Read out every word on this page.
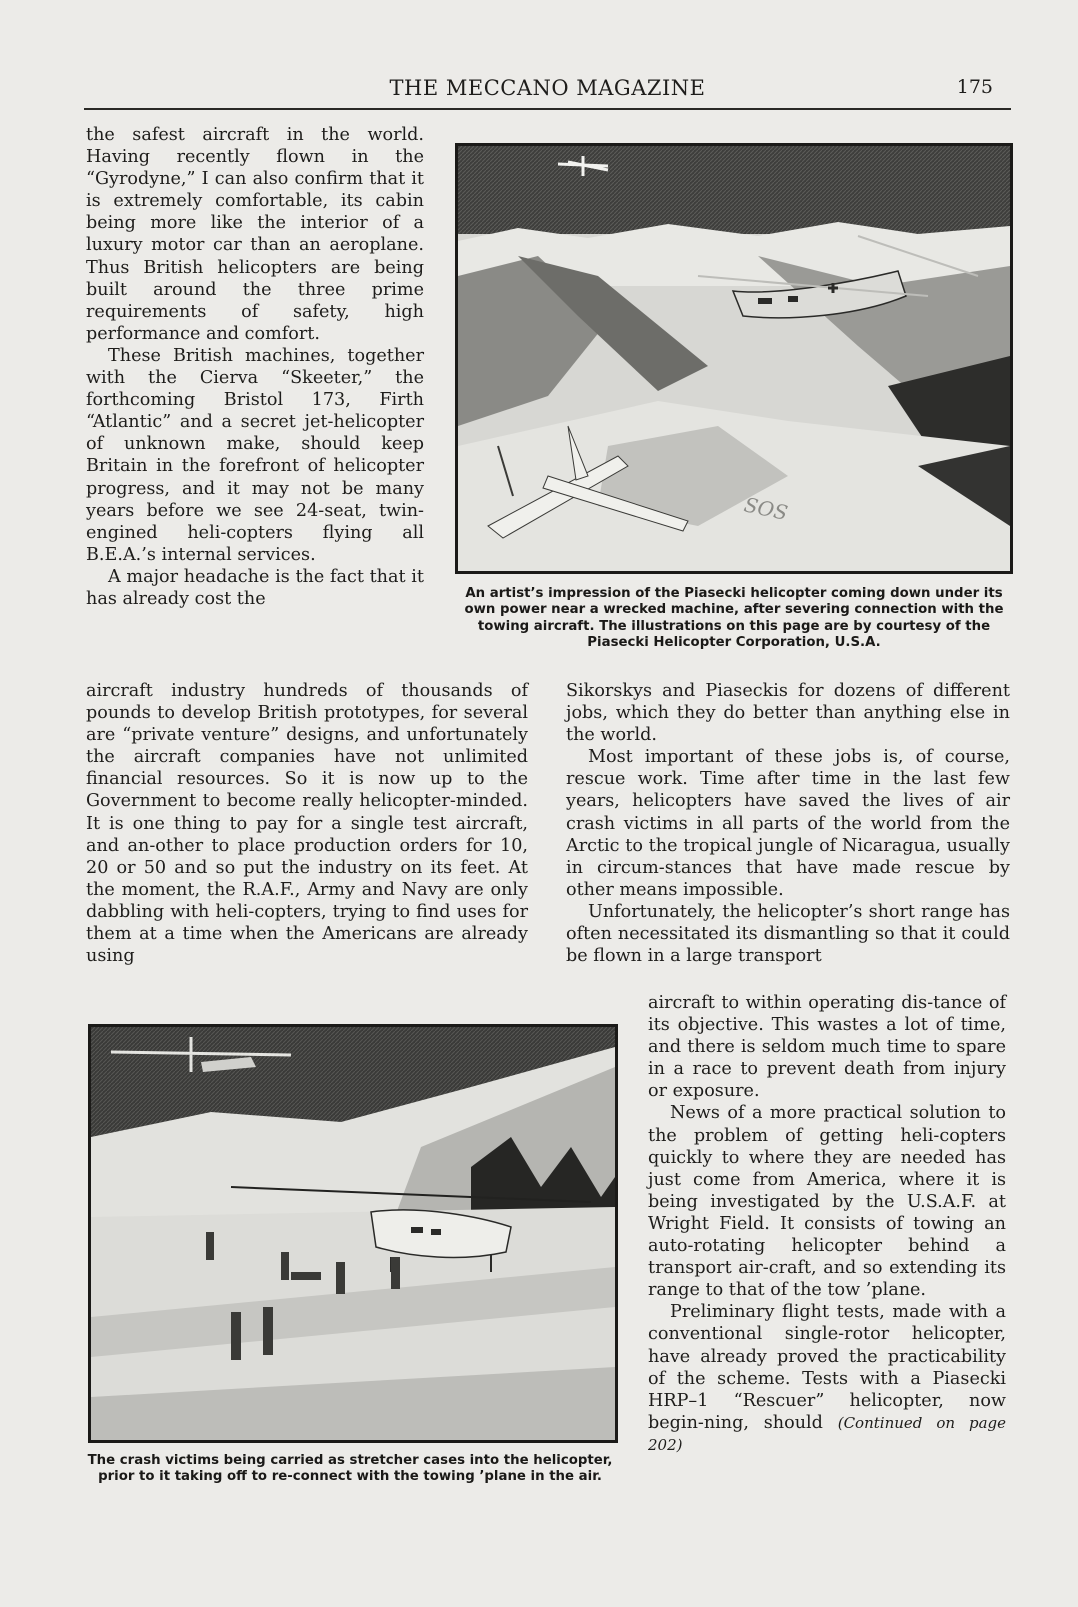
THE MECCANO MAGAZINE	175

the safest aircraft in the world. Having recently flown in the “Gyrodyne,” I can also confirm that it is extremely comfortable, its cabin being more like the interior of a luxury motor car than an aeroplane. Thus British helicopters are being built around the three prime requirements of safety, high performance and comfort.

These British machines, together with the Cierva “Skeeter,” the forthcoming Bristol 173, Firth “Atlantic” and a secret jet-helicopter of unknown make, should keep Britain in the forefront of helicopter progress, and it may not be many years before we see 24-seat, twin-engined heli-copters flying all B.E.A.’s internal services.

A major headache is the fact that it has already cost the

SOS
An artist’s impression of the Piasecki helicopter coming down under its own power near a wrecked machine, after severing connection with the towing aircraft. The illustrations on this page are by courtesy of the Piasecki Helicopter Corporation, U.S.A.

aircraft industry hundreds of thousands of pounds to develop British prototypes, for several are “private venture” designs, and unfortunately the aircraft companies have not unlimited financial resources. So it is now up to the Government to become really helicopter-minded. It is one thing to pay for a single test aircraft, and an-other to place production orders for 10, 20 or 50 and so put the industry on its feet. At the moment, the R.A.F., Army and Navy are only dabbling with heli-copters, trying to find uses for them at a time when the Americans are already using

Sikorskys and Piaseckis for dozens of different jobs, which they do better than anything else in the world.

Most important of these jobs is, of course, rescue work. Time after time in the last few years, helicopters have saved the lives of air crash victims in all parts of the world from the Arctic to the tropical jungle of Nicaragua, usually in circum-stances that have made rescue by other means impossible.

Unfortunately, the helicopter’s short range has often necessitated its dismantling so that it could be flown in a large transport

aircraft to within operating dis-tance of its objective. This wastes a lot of time, and there is seldom much time to spare in a race to prevent death from injury or exposure.

News of a more practical solution to the problem of getting heli-copters quickly to where they are needed has just come from America, where it is being investigated by the U.S.A.F. at Wright Field. It consists of towing an auto-rotating helicopter behind a transport air-craft, and so extending its range to that of the tow ’plane.

Preliminary flight tests, made with a conventional single-rotor helicopter, have already proved the practicability of the scheme. Tests with a Piasecki HRP–1 “Rescuer” helicopter, now begin-ning, should (Continued on page 202)

The crash victims being carried as stretcher cases into the helicopter, prior to it taking off to re-connect with the towing ’plane in the air.
